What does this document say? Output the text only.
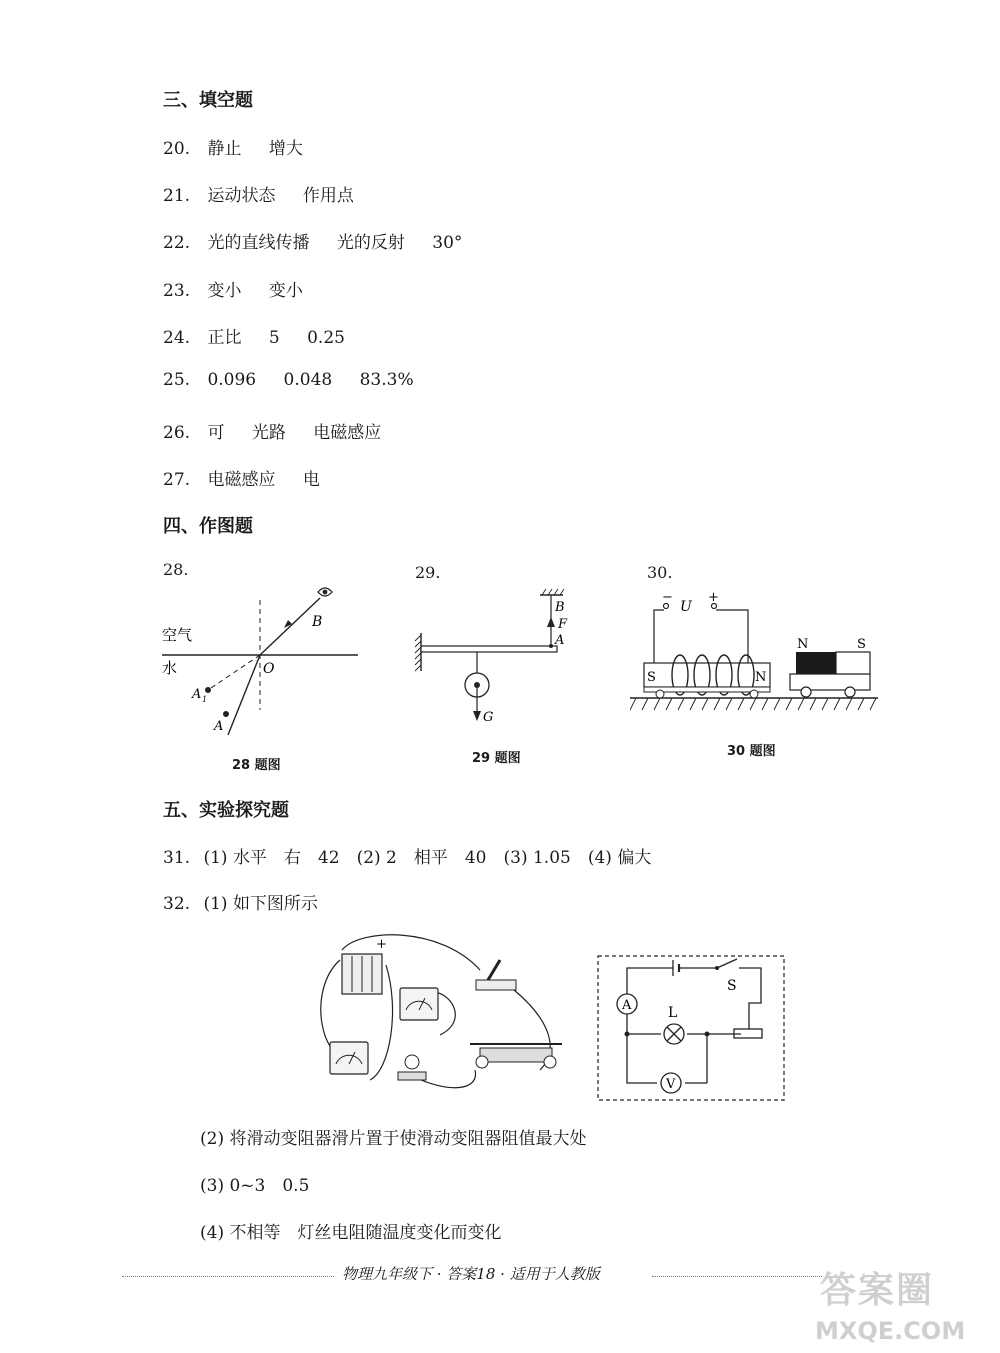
三、填空题
20. 静止 增大
21. 运动状态 作用点
22. 光的直线传播 光的反射 30°
23. 变小 变小
24. 正比 5 0.25
25. 0.096 0.048 83.3%
26. 可 光路 电磁感应
27. 电磁感应 电
四、作图题
28.
空气
水
B
O
A 1
A
28 题图
29.
B
F
A
G
29 题图
30.
−
U
+
S	N
N	S
30 题图
五、实验探究题
31. (1) 水平　右　42　(2) 2　相平　40　(3) 1.05　(4) 偏大
32. (1) 如下图所示
+
A	L
S
V
(2) 将滑动变阻器滑片置于使滑动变阻器阻值最大处
(3) 0~3　0.5
(4) 不相等　灯丝电阻随温度变化而变化
物理九年级下 · 答案18 · 适用于人教版	答案圈
MXQE.COM
